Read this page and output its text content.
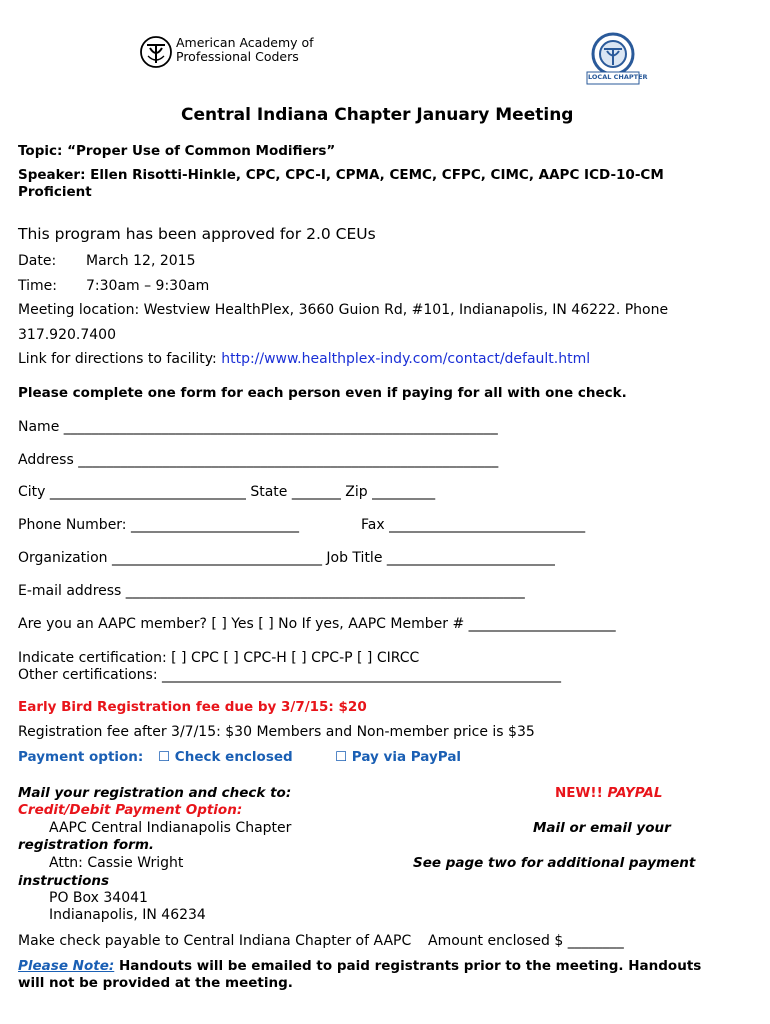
American Academy of
Professional Coders
LOCAL CHAPTER
Central Indiana Chapter January Meeting
Topic: “Proper Use of Common Modifiers”
Speaker: Ellen Risotti-Hinkle, CPC, CPC-I, CPMA, CEMC, CFPC, CIMC, AAPC ICD-10-CM
Proficient
This program has been approved for 2.0 CEUs
Date: March 12, 2015
Time: 7:30am – 9:30am
Meeting location: Westview HealthPlex, 3660 Guion Rd, #101, Indianapolis, IN 46222. Phone
317.920.7400
Link for directions to facility: http://www.healthplex-indy.com/contact/default.html
Please complete one form for each person even if paying for all with one check.
Name ______________________________________________________________
Address ____________________________________________________________
City ____________________________ State _______ Zip _________
Phone Number: ________________________	Fax ____________________________
Organization ______________________________ Job Title ________________________
E-mail address _________________________________________________________
Are you an AAPC member? [ ] Yes [ ] No If yes, AAPC Member # _____________________
Indicate certification: [ ] CPC [ ] CPC-H [ ] CPC-P [ ] CIRCC
Other certifications: _________________________________________________________
Early Bird Registration fee due by 3/7/15: $20
Registration fee after 3/7/15: $30 Members and Non-member price is $35
Payment option: ☐ Check enclosed	☐ Pay via PayPal
Mail your registration and check to:
Credit/Debit Payment Option:
AAPC Central Indianapolis Chapter
registration form.
Attn: Cassie Wright
instructions
PO Box 34041
Indianapolis, IN 46234
NEW!! PAYPAL
Mail or email your
See page two for additional payment
Make check payable to Central Indiana Chapter of AAPC Amount enclosed $ ________
Please Note: Handouts will be emailed to paid registrants prior to the meeting. Handouts
will not be provided at the meeting.
